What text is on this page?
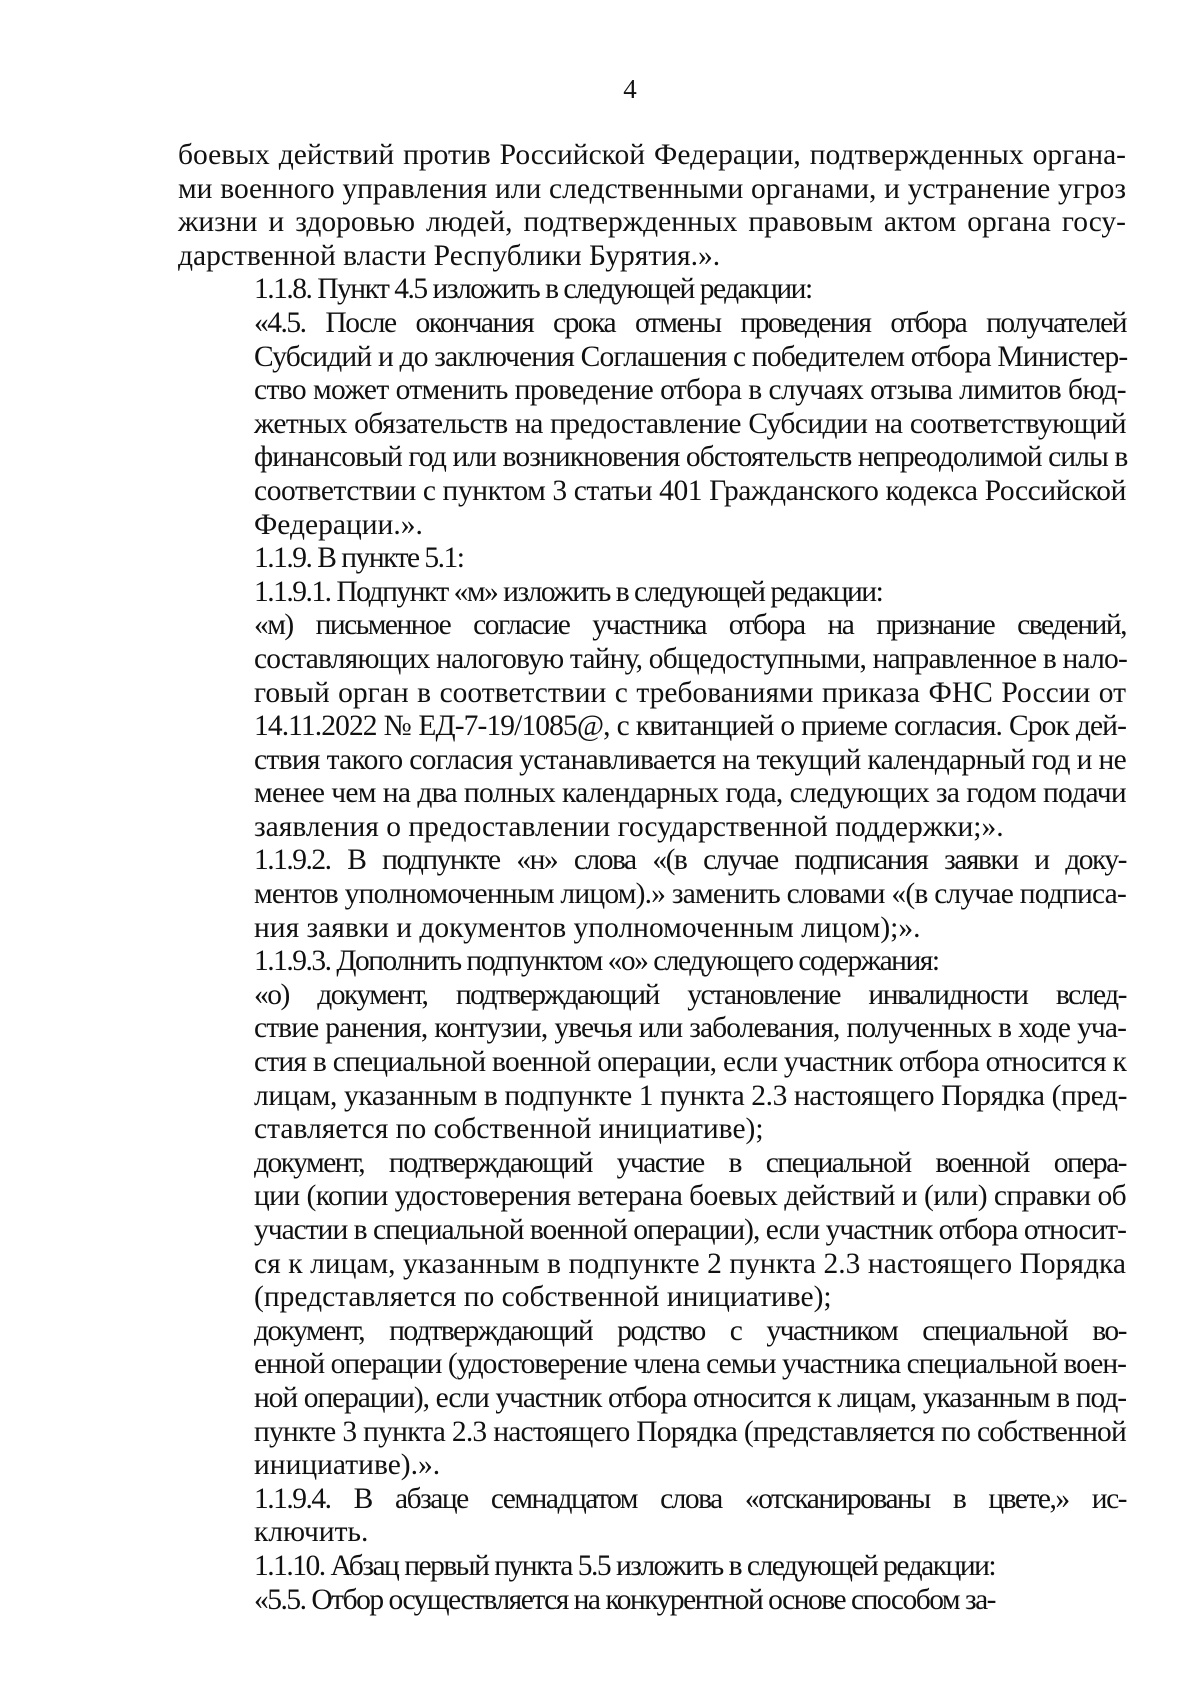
4

боевых действий против Российской Федерации, подтвержденных органа-
ми военного управления или следственными органами, и устранение угроз
жизни и здоровью людей, подтвержденных правовым актом органа госу-
дарственной власти Республики Бурятия.».

1.1.8. Пункт 4.5 изложить в следующей редакции:

«4.5. После окончания срока отмены проведения отбора получателей
Субсидий и до заключения Соглашения с победителем отбора Министер-
ство может отменить проведение отбора в случаях отзыва лимитов бюд-
жетных обязательств на предоставление Субсидии на соответствующий
финансовый год или возникновения обстоятельств непреодолимой силы в
соответствии с пунктом 3 статьи 401 Гражданского кодекса Российской
Федерации.».

1.1.9. В пункте 5.1:

1.1.9.1. Подпункт «м» изложить в следующей редакции:

«м) письменное согласие участника отбора на признание сведений,
составляющих налоговую тайну, общедоступными, направленное в нало-
говый орган в соответствии с требованиями приказа ФНС России от
14.11.2022 № ЕД-7-19/1085@, с квитанцией о приеме согласия. Срок дей-
ствия такого согласия устанавливается на текущий календарный год и не
менее чем на два полных календарных года, следующих за годом подачи
заявления о предоставлении государственной поддержки;».

1.1.9.2. В подпункте «н» слова «(в случае подписания заявки и доку-
ментов уполномоченным лицом).» заменить словами «(в случае подписа-
ния заявки и документов уполномоченным лицом);».

1.1.9.3. Дополнить подпунктом «о» следующего содержания:

«о) документ, подтверждающий установление инвалидности вслед-
ствие ранения, контузии, увечья или заболевания, полученных в ходе уча-
стия в специальной военной операции, если участник отбора относится к
лицам, указанным в подпункте 1 пункта 2.3 настоящего Порядка (пред-
ставляется по собственной инициативе);

документ, подтверждающий участие в специальной военной опера-
ции (копии удостоверения ветерана боевых действий и (или) справки об
участии в специальной военной операции), если участник отбора относит-
ся к лицам, указанным в подпункте 2 пункта 2.3 настоящего Порядка
(представляется по собственной инициативе);

документ, подтверждающий родство с участником специальной во-
енной операции (удостоверение члена семьи участника специальной воен-
ной операции), если участник отбора относится к лицам, указанным в под-
пункте 3 пункта 2.3 настоящего Порядка (представляется по собственной
инициативе).».

1.1.9.4. В абзаце семнадцатом слова «отсканированы в цвете,» ис-
ключить.

1.1.10. Абзац первый пункта 5.5 изложить в следующей редакции:

«5.5. Отбор осуществляется на конкурентной основе способом за-
